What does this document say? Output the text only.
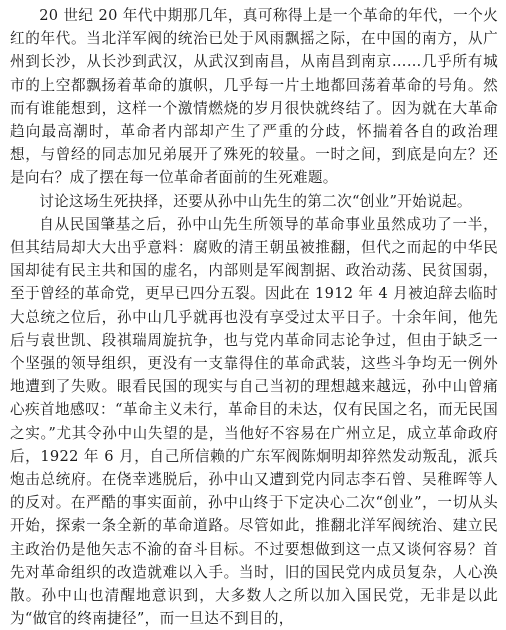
20 世纪 20 年代中期那几年，真可称得上是一个革命的年代，一个火红的年代。当北洋军阀的统治已处于风雨飘摇之际，在中国的南方，从广州到长沙，从长沙到武汉，从武汉到南昌，从南昌到南京……几乎所有城市的上空都飘扬着革命的旗帜，几乎每一片土地都回荡着革命的号角。然而有谁能想到，这样一个激情燃烧的岁月很快就终结了。因为就在大革命趋向最高潮时，革命者内部却产生了严重的分歧，怀揣着各自的政治理想，与曾经的同志加兄弟展开了殊死的较量。一时之间，到底是向左？还是向右？成了摆在每一位革命者面前的生死难题。

讨论这场生死抉择，还要从孙中山先生的第二次“创业”开始说起。

自从民国肇基之后，孙中山先生所领导的革命事业虽然成功了一半，但其结局却大大出乎意料：腐败的清王朝虽被推翻，但代之而起的中华民国却徒有民主共和国的虚名，内部则是军阀割据、政治动荡、民贫国弱，至于曾经的革命党，更早已四分五裂。因此在 1912 年 4 月被迫辞去临时大总统之位后，孙中山几乎就再也没有享受过太平日子。十余年间，他先后与袁世凯、段祺瑞周旋抗争，也与党内革命同志论争过，但由于缺乏一个坚强的领导组织，更没有一支靠得住的革命武装，这些斗争均无一例外地遭到了失败。眼看民国的现实与自己当初的理想越来越远，孙中山曾痛心疾首地感叹：“革命主义未行，革命目的未达，仅有民国之名，而无民国之实。”尤其令孙中山失望的是，当他好不容易在广州立足，成立革命政府后，1922 年 6 月，自己所信赖的广东军阀陈炯明却猝然发动叛乱，派兵炮击总统府。在侥幸逃脱后，孙中山又遭到党内同志李石曾、吴稚晖等人的反对。在严酷的事实面前，孙中山终于下定决心二次“创业”，一切从头开始，探索一条全新的革命道路。尽管如此，推翻北洋军阀统治、建立民主政治仍是他矢志不渝的奋斗目标。不过要想做到这一点又谈何容易？首先对革命组织的改造就难以入手。当时，旧的国民党内成员复杂，人心涣散。孙中山也清醒地意识到，大多数人之所以加入国民党，无非是以此为“做官的终南捷径”，而一旦达不到目的，
